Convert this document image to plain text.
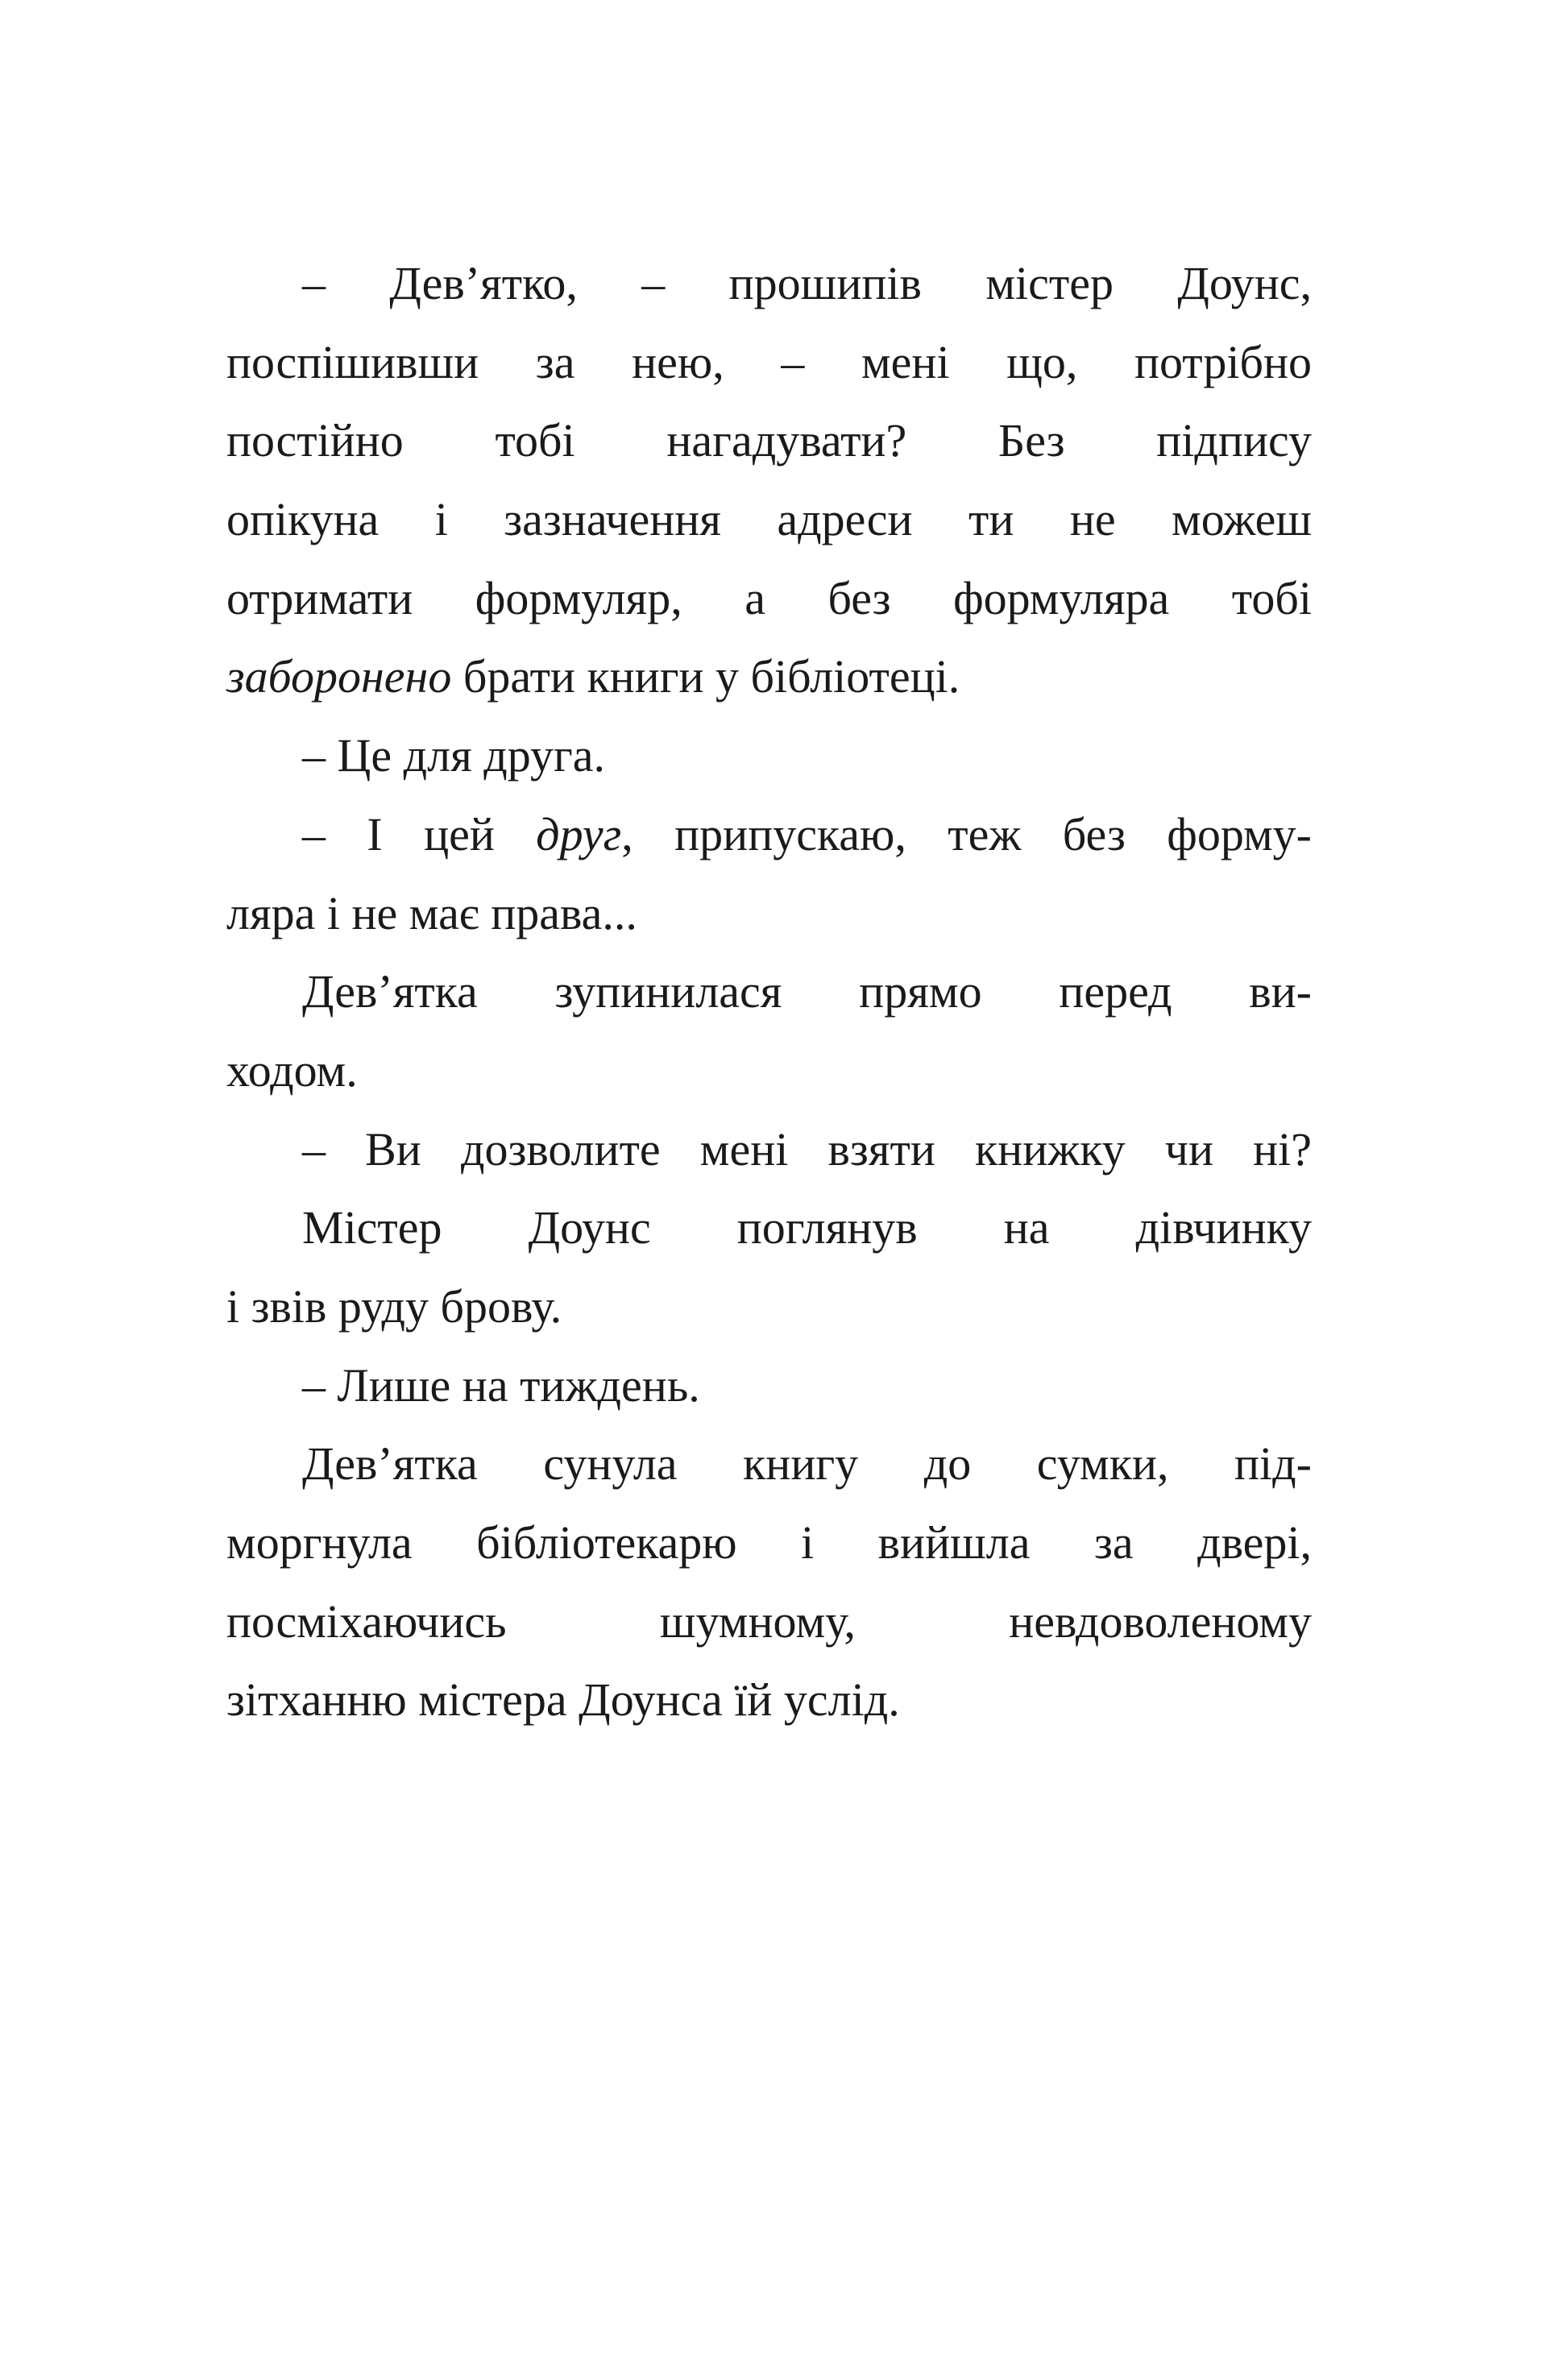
– Дев’ятко, – прошипів містер Доунс,
поспішивши за нею, – мені що, потрібно
постійно тобі нагадувати? Без підпису
опікуна і зазначення адреси ти не можеш
отримати формуляр, а без формуляра тобі
заборонено брати книги у бібліотеці.
– Це для друга.
– І цей друг, припускаю, теж без форму-
ляра і не має права...
Дев’ятка зупинилася прямо перед ви-
ходом.
– Ви дозволите мені взяти книжку чи ні?
Містер Доунс поглянув на дівчинку
і звів руду брову.
– Лише на тиждень.
Дев’ятка сунула книгу до сумки, під-
моргнула бібліотекарю і вийшла за двері,
посміхаючись шумному, невдоволеному
зітханню містера Доунса їй услід.
